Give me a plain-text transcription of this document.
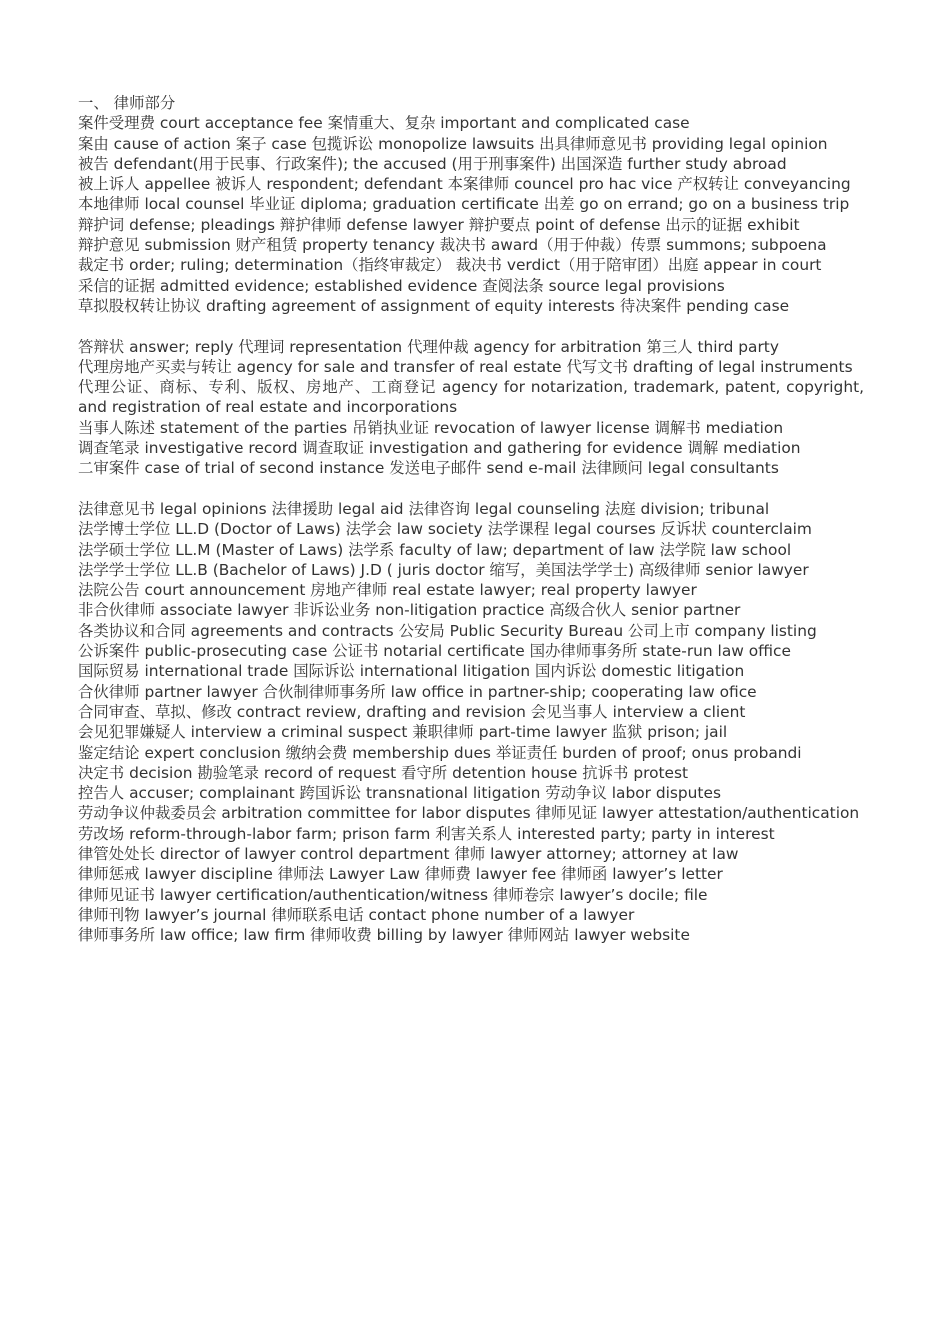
一、 律师部分
案件受理费 court acceptance fee 案情重大、复杂 important and complicated case
案由 cause of action 案子 case 包揽诉讼 monopolize lawsuits 出具律师意见书 providing legal opinion
被告 defendant(用于民事、行政案件); the accused (用于刑事案件) 出国深造 further study abroad
被上诉人 appellee 被诉人 respondent; defendant 本案律师 councel pro hac vice 产权转让 conveyancing
本地律师 local counsel 毕业证 diploma; graduation certificate 出差 go on errand; go on a business trip
辩护词 defense; pleadings 辩护律师 defense lawyer 辩护要点 point of defense 出示的证据 exhibit
辩护意见 submission 财产租赁 property tenancy 裁决书 award（用于仲裁）传票 summons; subpoena
裁定书 order; ruling; determination（指终审裁定） 裁决书 verdict（用于陪审团）出庭 appear in court
采信的证据 admitted evidence; established evidence 查阅法条 source legal provisions
草拟股权转让协议 drafting agreement of assignment of equity interests 待决案件 pending case
答辩状 answer; reply 代理词 representation 代理仲裁 agency for arbitration 第三人 third party
代理房地产买卖与转让 agency for sale and transfer of real estate 代写文书 drafting of legal instruments
代理公证、商标、专利、版权、房地产、工商登记 agency for notarization, trademark, patent, copyright, and registration of real estate and incorporations
当事人陈述 statement of the parties 吊销执业证 revocation of lawyer license 调解书 mediation
调查笔录 investigative record 调查取证 investigation and gathering for evidence 调解 mediation
二审案件 case of trial of second instance 发送电子邮件 send e-mail 法律顾问 legal consultants
法律意见书 legal opinions 法律援助 legal aid 法律咨询 legal counseling 法庭 division; tribunal
法学博士学位 LL.D (Doctor of Laws) 法学会 law society 法学课程 legal courses 反诉状 counterclaim
法学硕士学位 LL.M (Master of Laws) 法学系 faculty of law; department of law 法学院 law school
法学学士学位 LL.B (Bachelor of Laws) J.D ( juris doctor 缩写，美国法学学士) 高级律师 senior lawyer
法院公告 court announcement 房地产律师 real estate lawyer; real property lawyer
非合伙律师 associate lawyer 非诉讼业务 non-litigation practice 高级合伙人 senior partner
各类协议和合同 agreements and contracts 公安局 Public Security Bureau 公司上市 company listing
公诉案件 public-prosecuting case 公证书 notarial certificate 国办律师事务所 state-run law office
国际贸易 international trade 国际诉讼 international litigation 国内诉讼 domestic litigation
合伙律师 partner lawyer 合伙制律师事务所 law office in partner-ship; cooperating law ofice
合同审查、草拟、修改 contract review, drafting and revision 会见当事人 interview a client
会见犯罪嫌疑人 interview a criminal suspect 兼职律师 part-time lawyer 监狱 prison; jail
鉴定结论 expert conclusion 缴纳会费 membership dues 举证责任 burden of proof; onus probandi
决定书 decision 勘验笔录 record of request 看守所 detention house 抗诉书 protest
控告人 accuser; complainant 跨国诉讼 transnational litigation 劳动争议 labor disputes
劳动争议仲裁委员会 arbitration committee for labor disputes 律师见证 lawyer attestation/authentication
劳改场 reform-through-labor farm; prison farm 利害关系人 interested party; party in interest
律管处处长 director of lawyer control department 律师 lawyer attorney; attorney at law
律师惩戒 lawyer discipline 律师法 Lawyer Law 律师费 lawyer fee 律师函 lawyer’s letter
律师见证书 lawyer certification/authentication/witness 律师卷宗 lawyer’s docile; file
律师刊物 lawyer’s journal 律师联系电话 contact phone number of a lawyer
律师事务所 law office; law firm 律师收费 billing by lawyer 律师网站 lawyer website
